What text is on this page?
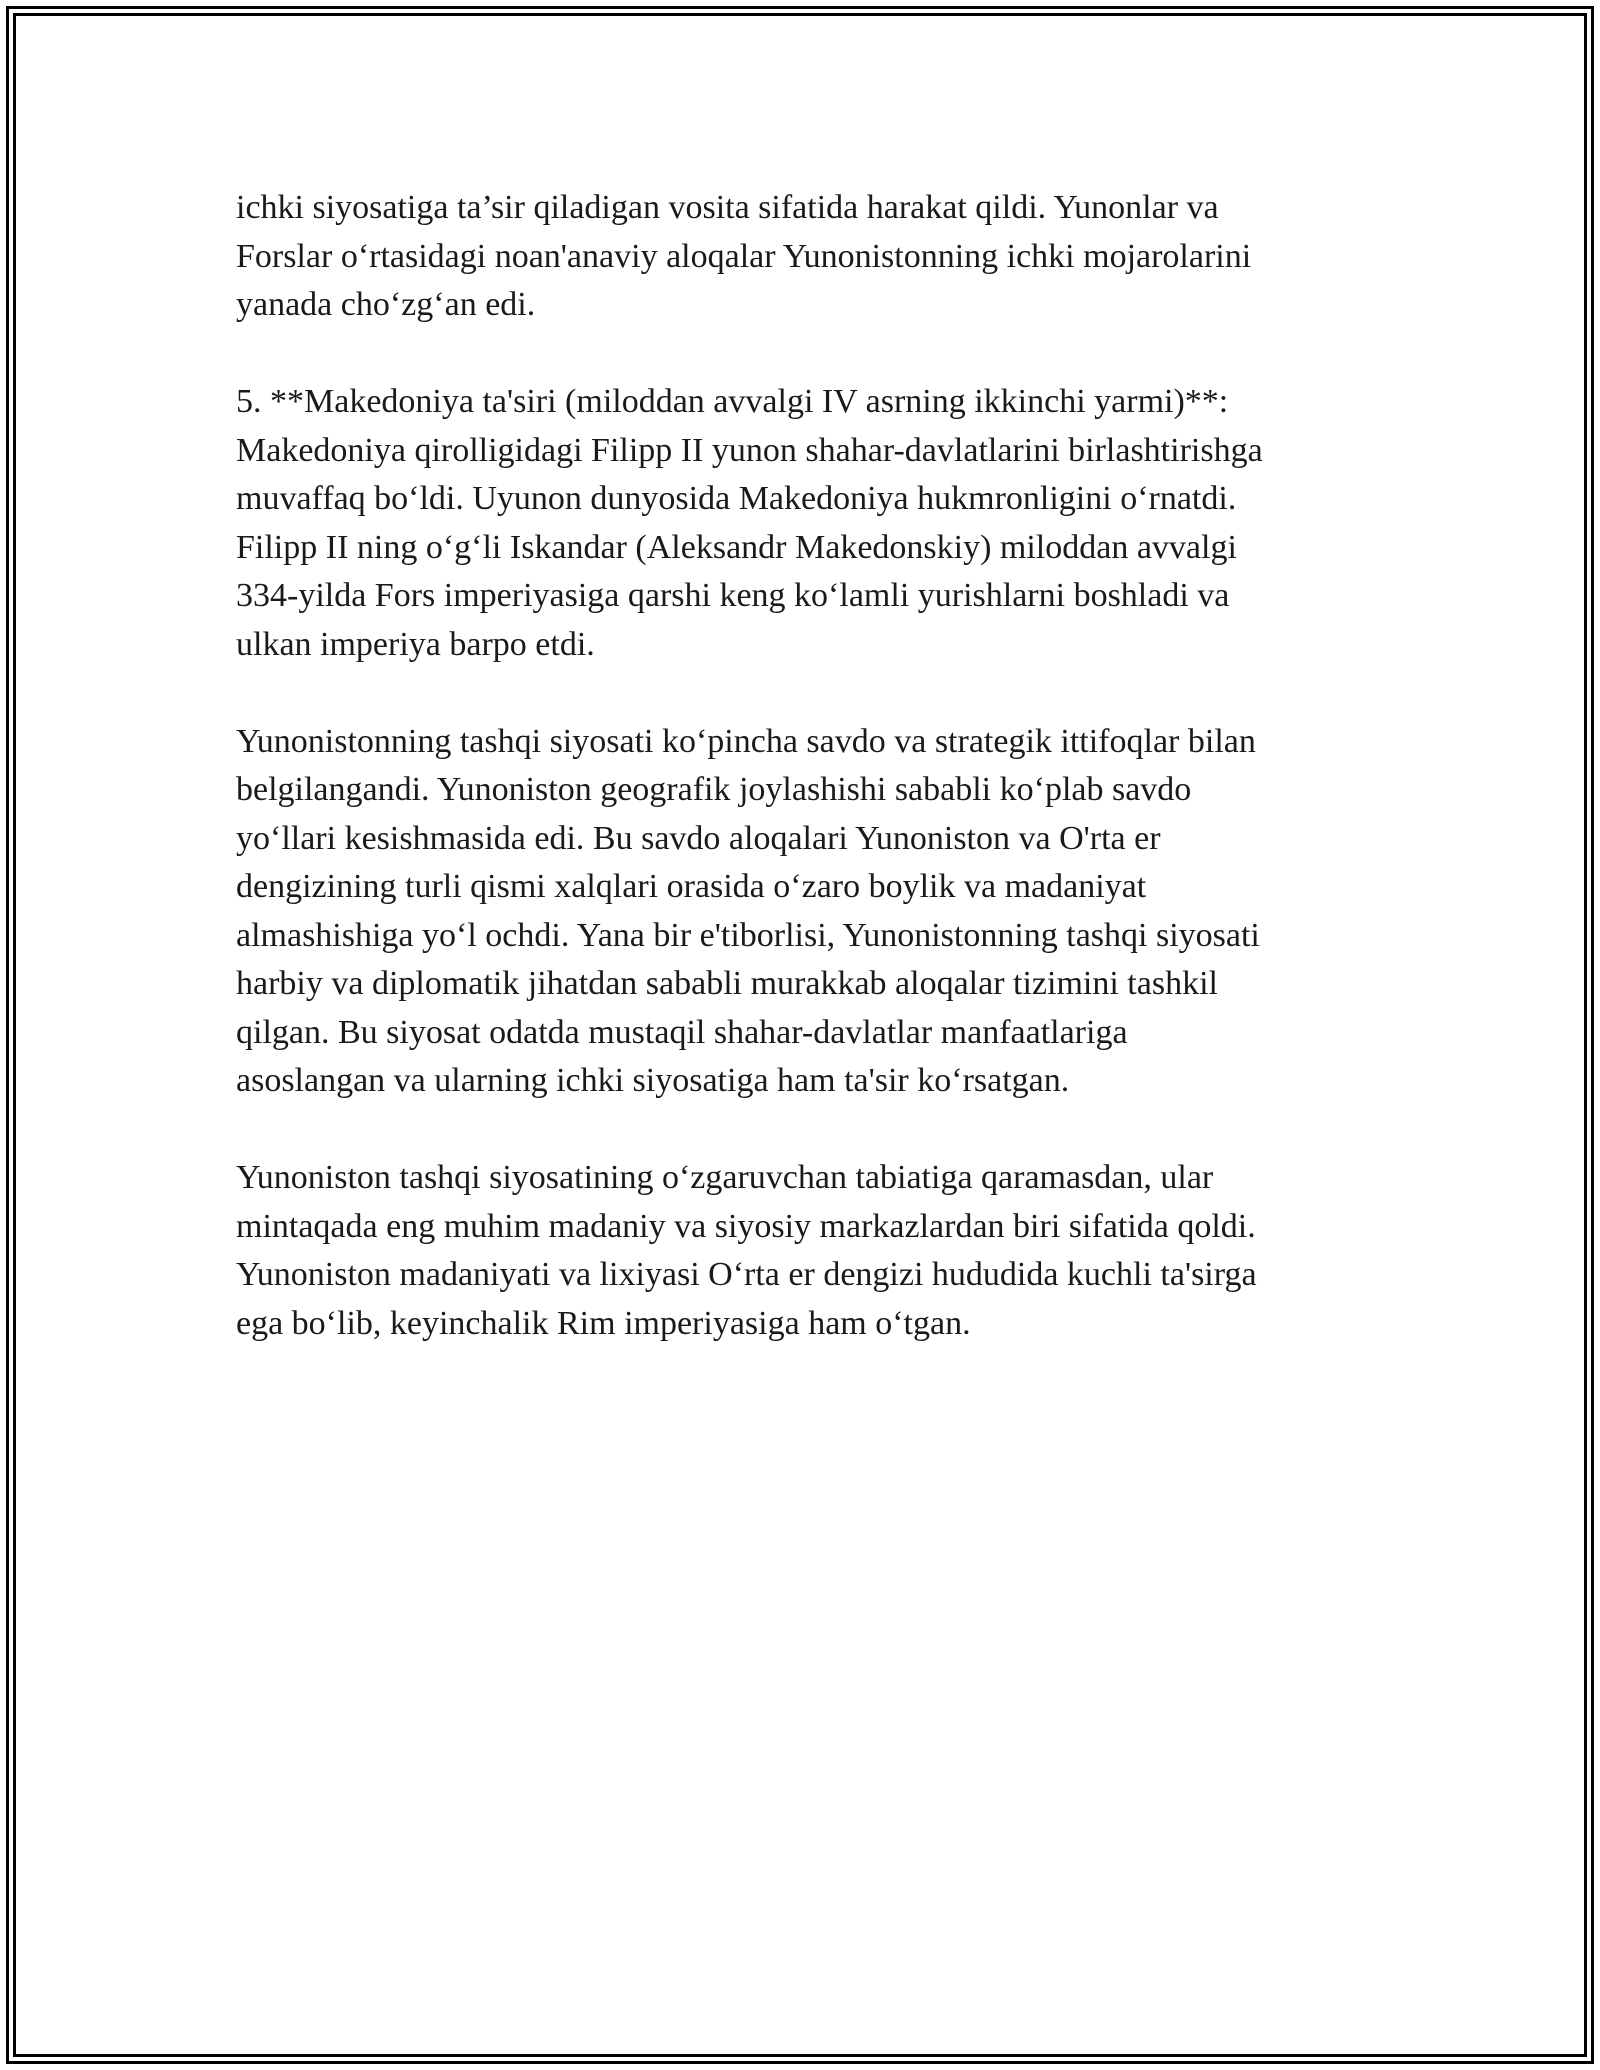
ichki siyosatiga ta’sir qiladigan vosita sifatida harakat qildi. Yunonlar va
Forslar o‘rtasidagi noan'anaviy aloqalar Yunonistonning ichki mojarolarini
yanada cho‘zg‘an edi.

5. **Makedoniya ta'siri (miloddan avvalgi IV asrning ikkinchi yarmi)**:
Makedoniya qirolligidagi Filipp II yunon shahar-davlatlarini birlashtirishga
muvaffaq bo‘ldi. Uyunon dunyosida Makedoniya hukmronligini o‘rnatdi.
Filipp II ning o‘g‘li Iskandar (Aleksandr Makedonskiy) miloddan avvalgi
334-yilda Fors imperiyasiga qarshi keng ko‘lamli yurishlarni boshladi va
ulkan imperiya barpo etdi.

Yunonistonning tashqi siyosati ko‘pincha savdo va strategik ittifoqlar bilan
belgilangandi. Yunoniston geografik joylashishi sababli ko‘plab savdo
yo‘llari kesishmasida edi. Bu savdo aloqalari Yunoniston va O'rta er
dengizining turli qismi xalqlari orasida o‘zaro boylik va madaniyat
almashishiga yo‘l ochdi. Yana bir e'tiborlisi, Yunonistonning tashqi siyosati
harbiy va diplomatik jihatdan sababli murakkab aloqalar tizimini tashkil
qilgan. Bu siyosat odatda mustaqil shahar-davlatlar manfaatlariga
asoslangan va ularning ichki siyosatiga ham ta'sir ko‘rsatgan.

Yunoniston tashqi siyosatining o‘zgaruvchan tabiatiga qaramasdan, ular
mintaqada eng muhim madaniy va siyosiy markazlardan biri sifatida qoldi.
Yunoniston madaniyati va lixiyasi O‘rta er dengizi hududida kuchli ta'sirga
ega bo‘lib, keyinchalik Rim imperiyasiga ham o‘tgan.
